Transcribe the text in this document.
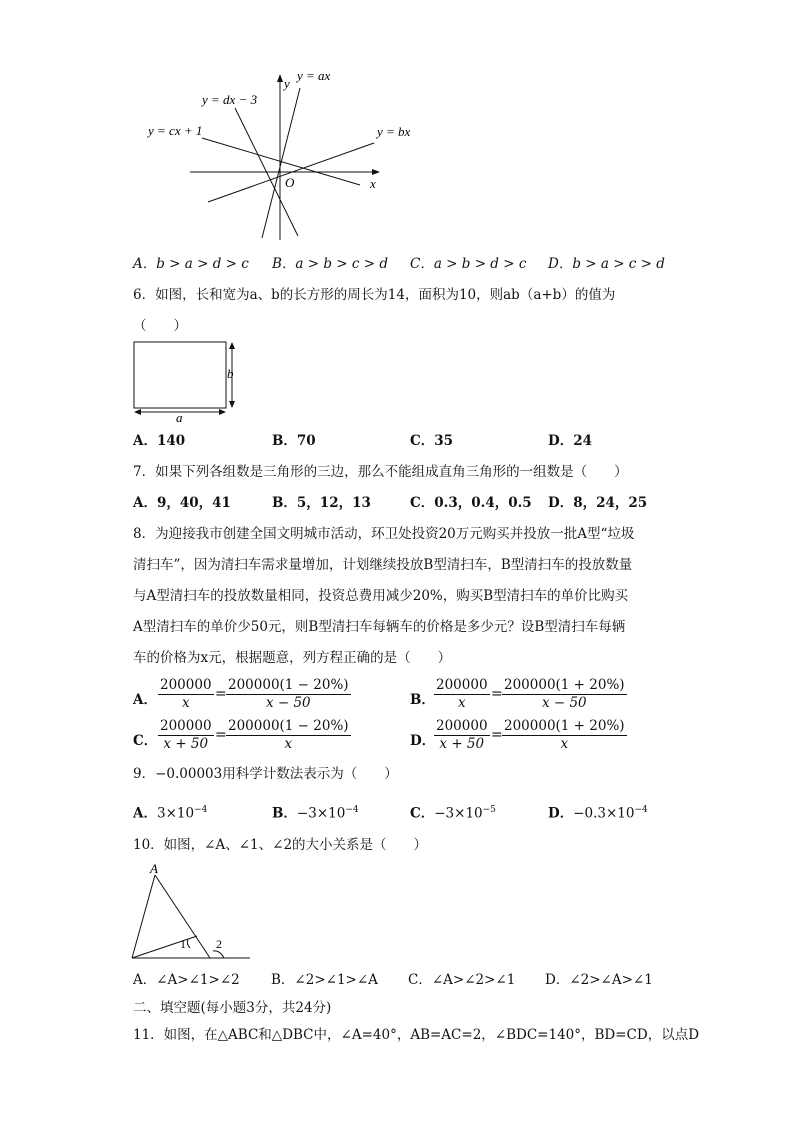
y = ax
y = dx − 3
y = cx + 1	y = bx
y
x
O
A．b > a > d > c B．a > b > c > d C．a > b > d > c D．b > a > c > d
6．如图，长和宽为a、b的长方形的周长为14，面积为10，则ab（a+b）的值为
（　　）
b
a
A．140	B．70	C．35	D．24
7．如果下列各组数是三角形的三边，那么不能组成直角三角形的一组数是（　　）
A．9，40，41	B．5，12，13	C．0.3，0.4，0.5 D．8，24，25
8．为迎接我市创建全国文明城市活动，环卫处投资20万元购买并投放一批A型“垃圾
清扫车”，因为清扫车需求量增加，计划继续投放B型清扫车，B型清扫车的投放数量
与A型清扫车的投放数量相同，投资总费用减少20%，购买B型清扫车的单价比购买
A型清扫车的单价少50元，则B型清扫车每辆车的价格是多少元？设B型清扫车每辆
车的价格为x元，根据题意，列方程正确的是（　　）
A． $\frac{200000}{x} = \frac{200000(1 - 20\%)}{x - 50}$	B． $\frac{200000}{x} = \frac{200000(1 + 20\%)}{x - 50}$
C． $\frac{200000}{x + 50} = \frac{200000(1 - 20\%)}{x}$	D．
$\frac{200000}{x + 50} = \frac{200000(1 + 20\%)}{x}$
9．−0.00003用科学计数法表示为（　　）
A．$3\times 10^{-4}$	B．$-3\times 10^{-4}$	C．$-3\times 10^{-5}$	D．$-0.3\times 10^{-4}$
10．如图，∠A、∠1、∠2的大小关系是（　　）
A
1	2
A．∠A>∠1>∠2 B．∠2>∠1>∠A C．∠A>∠2>∠1 D．∠2>∠A>∠1
二、填空题(每小题3分，共24分)
11．如图，在△ABC和△DBC中，∠A=40°，AB=AC=2，∠BDC=140°，BD=CD，以点D
